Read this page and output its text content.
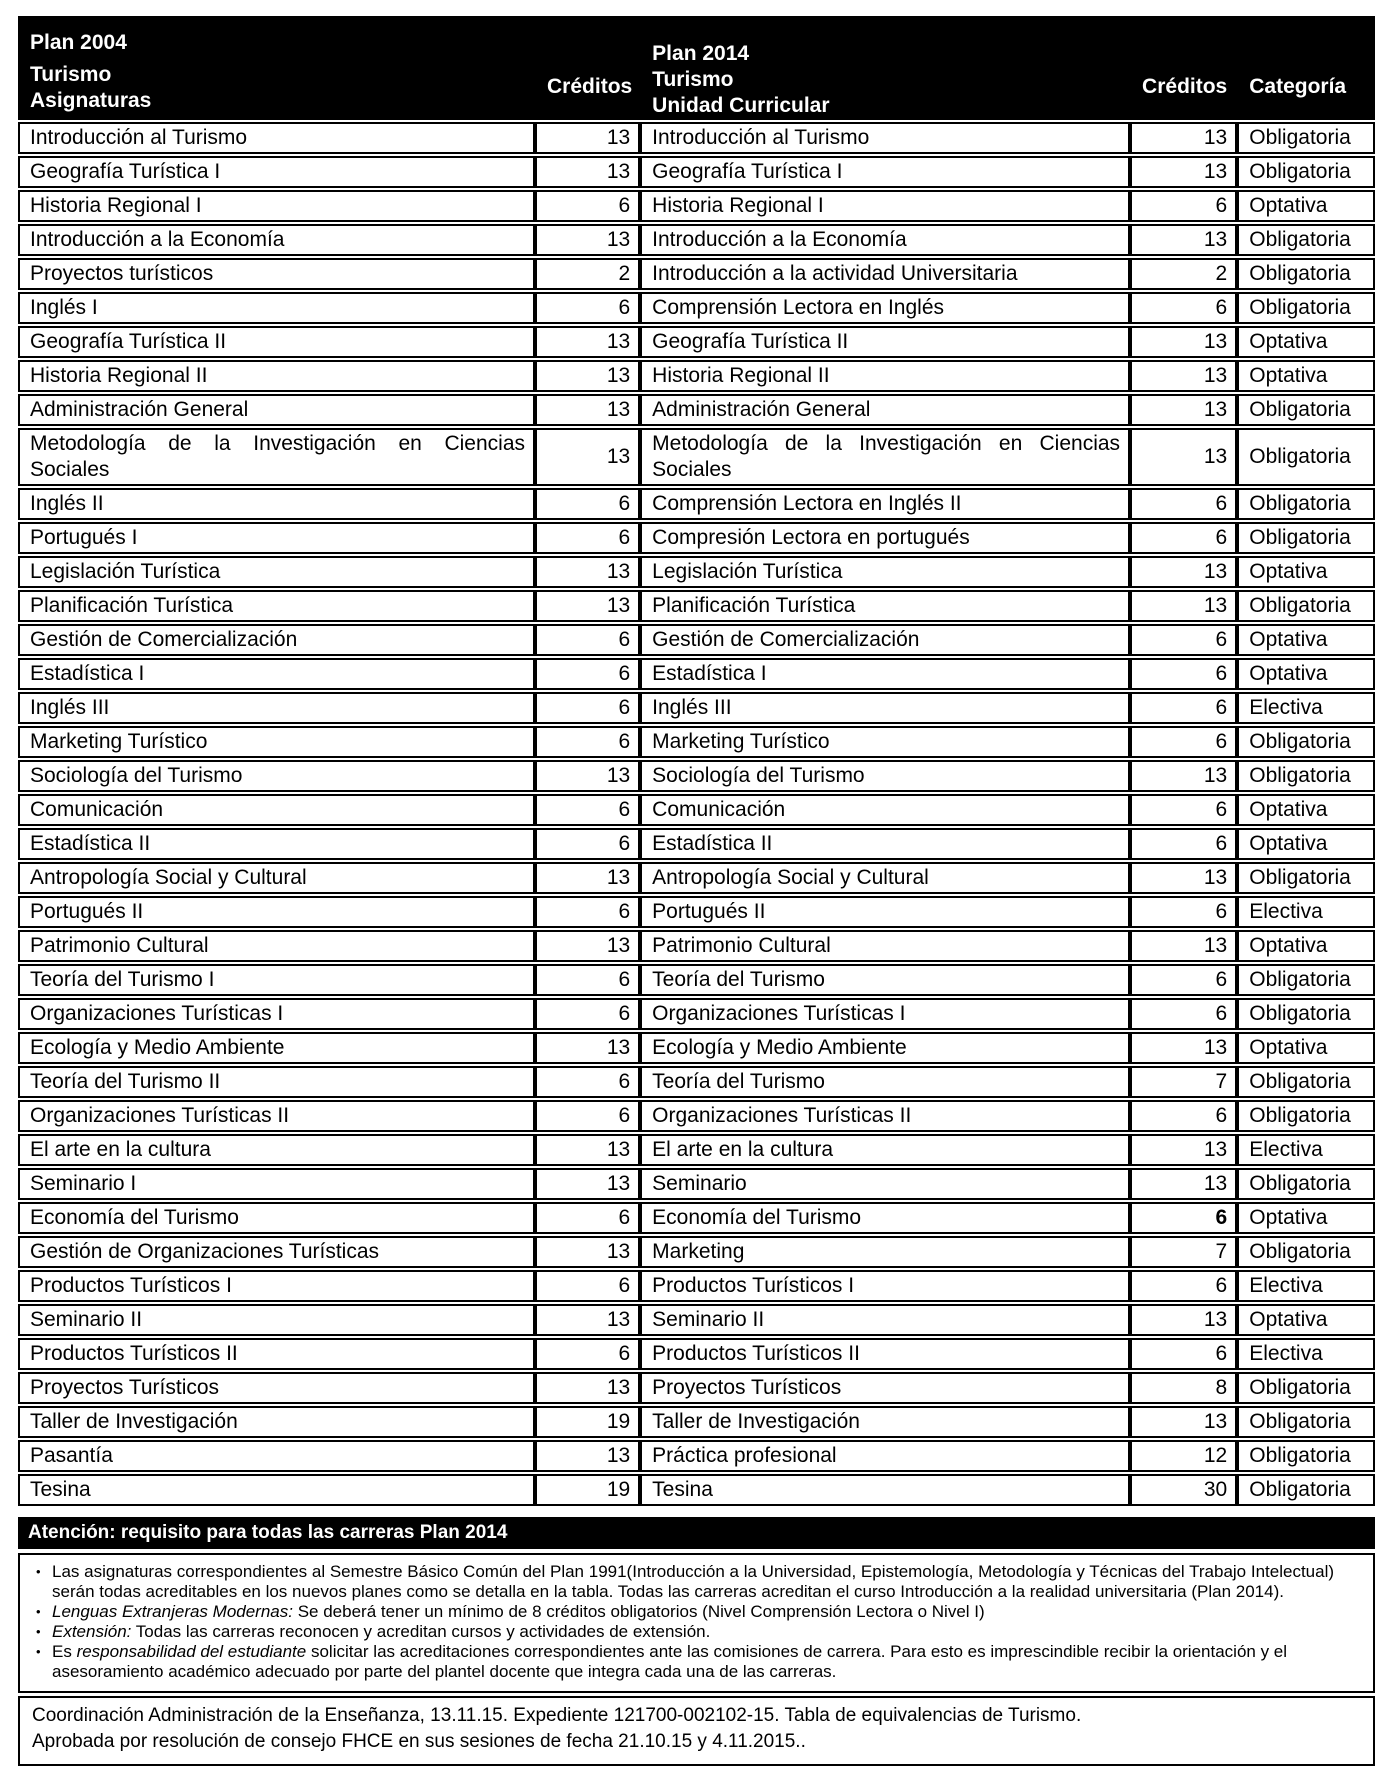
Plan 2004
Turismo
Asignaturas

Créditos

Plan 2014
Turismo
Unidad Curricular

Créditos	Categoría

Introducción al Turismo	13	Introducción al Turismo	13	Obligatoria
Geografía Turística I	13	Geografía Turística I	13	Obligatoria
Historia Regional I	6	Historia Regional I	6	Optativa
Introducción a la Economía	13	Introducción a la Economía	13	Obligatoria
Proyectos turísticos	2	Introducción a la actividad Universitaria	2	Obligatoria
Inglés I	6	Comprensión Lectora en Inglés	6	Obligatoria
Geografía Turística II	13	Geografía Turística II	13	Optativa
Historia Regional II	13	Historia Regional II	13	Optativa
Administración General	13	Administración General	13	Obligatoria
Metodología de la Investigación en Ciencias Sociales	13	Metodología de la Investigación en Ciencias Sociales	13	Obligatoria
Inglés II	6	Comprensión Lectora en Inglés II	6	Obligatoria
Portugués I	6	Compresión Lectora en portugués	6	Obligatoria
Legislación Turística	13	Legislación Turística	13	Optativa
Planificación Turística	13	Planificación Turística	13	Obligatoria
Gestión de Comercialización	6	Gestión de Comercialización	6	Optativa
Estadística I	6	Estadística I	6	Optativa
Inglés III	6	Inglés III	6	Electiva
Marketing Turístico	6	Marketing Turístico	6	Obligatoria
Sociología del Turismo	13	Sociología del Turismo	13	Obligatoria
Comunicación	6	Comunicación	6	Optativa
Estadística II	6	Estadística II	6	Optativa
Antropología Social y Cultural	13	Antropología Social y Cultural	13	Obligatoria
Portugués II	6	Portugués II	6	Electiva
Patrimonio Cultural	13	Patrimonio Cultural	13	Optativa
Teoría del Turismo I	6	Teoría del Turismo	6	Obligatoria
Organizaciones Turísticas I	6	Organizaciones Turísticas I	6	Obligatoria
Ecología y Medio Ambiente	13	Ecología y Medio Ambiente	13	Optativa
Teoría del Turismo II	6	Teoría del Turismo	7	Obligatoria
Organizaciones Turísticas II	6	Organizaciones Turísticas II	6	Obligatoria
El arte en la cultura	13	El arte en la cultura	13	Electiva
Seminario I	13	Seminario	13	Obligatoria
Economía del Turismo	6	Economía del Turismo	6	Optativa
Gestión de Organizaciones Turísticas	13	Marketing	7	Obligatoria
Productos Turísticos I	6	Productos Turísticos I	6	Electiva
Seminario II	13	Seminario II	13	Optativa
Productos Turísticos II	6	Productos Turísticos II	6	Electiva
Proyectos Turísticos	13	Proyectos Turísticos	8	Obligatoria
Taller de Investigación	19	Taller de Investigación	13	Obligatoria
Pasantía	13	Práctica profesional	12	Obligatoria
Tesina	19	Tesina	30	Obligatoria
Atención: requisito para todas las carreras Plan 2014
• Las asignaturas correspondientes al Semestre Básico Común del Plan 1991(Introducción a la Universidad, Epistemología, Metodología y Técnicas del Trabajo Intelectual) serán todas acreditables en los nuevos planes como se detalla en la tabla. Todas las carreras acreditan el curso Introducción a la realidad universitaria (Plan 2014).
• Lenguas Extranjeras Modernas: Se deberá tener un mínimo de 8 créditos obligatorios (Nivel Comprensión Lectora o Nivel I)
• Extensión: Todas las carreras reconocen y acreditan cursos y actividades de extensión.
• Es responsabilidad del estudiante solicitar las acreditaciones correspondientes ante las comisiones de carrera. Para esto es imprescindible recibir la orientación y el asesoramiento académico adecuado por parte del plantel docente que integra cada una de las carreras.
Coordinación Administración de la Enseñanza, 13.11.15. Expediente 121700-002102-15. Tabla de equivalencias de Turismo.
Aprobada por resolución de consejo FHCE en sus sesiones de fecha 21.10.15 y 4.11.2015..
